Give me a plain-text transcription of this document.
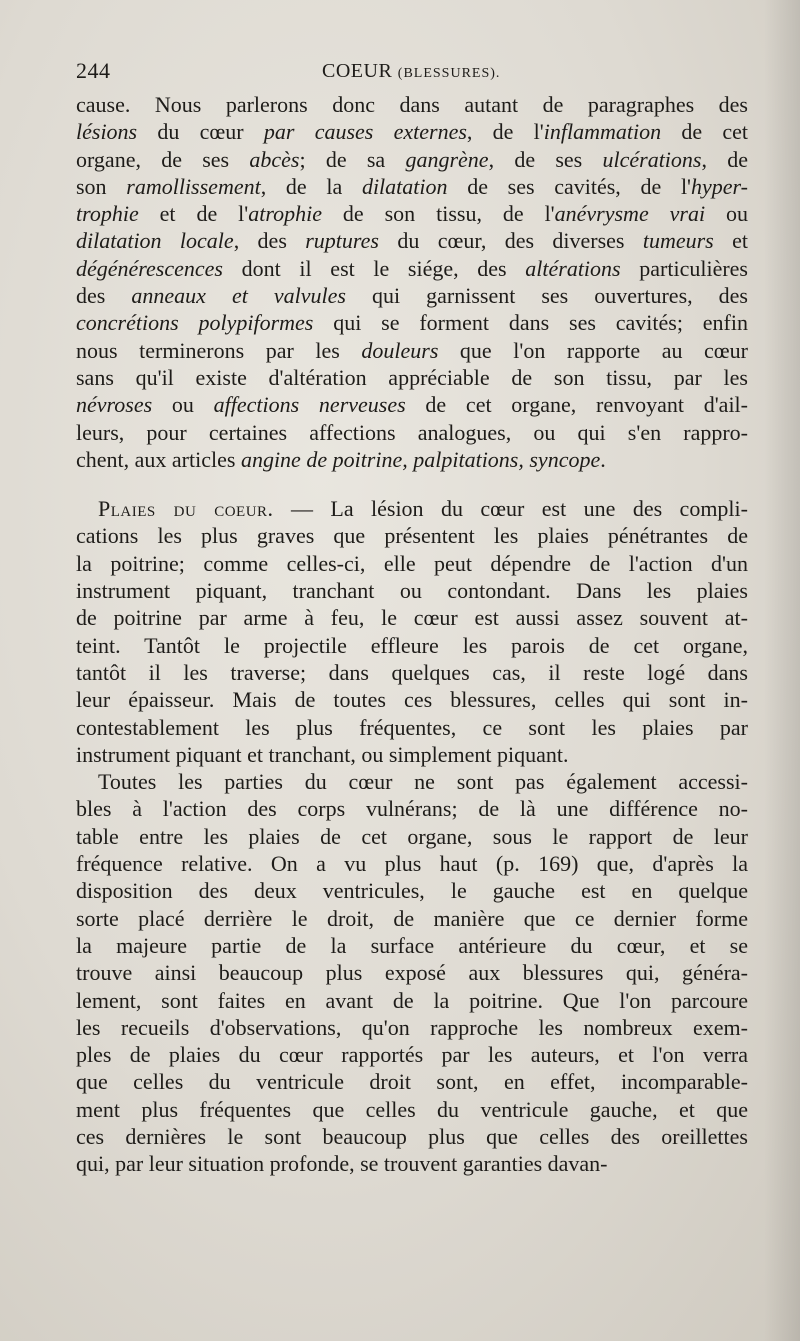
244	COEUR (BLESSURES).
cause. Nous parlerons donc dans autant de paragraphes des
lésions du cœur par causes externes, de l'inflammation de cet
organe, de ses abcès; de sa gangrène, de ses ulcérations, de
son ramollissement, de la dilatation de ses cavités, de l'hyper-
trophie et de l'atrophie de son tissu, de l'anévrysme vrai ou
dilatation locale, des ruptures du cœur, des diverses tumeurs et
dégénérescences dont il est le siége, des altérations particulières
des anneaux et valvules qui garnissent ses ouvertures, des
concrétions polypiformes qui se forment dans ses cavités; enfin
nous terminerons par les douleurs que l'on rapporte au cœur
sans qu'il existe d'altération appréciable de son tissu, par les
névroses ou affections nerveuses de cet organe, renvoyant d'ail-
leurs, pour certaines affections analogues, ou qui s'en rappro-
chent, aux articles angine de poitrine, palpitations, syncope.
Plaies du coeur. — La lésion du cœur est une des compli-
cations les plus graves que présentent les plaies pénétrantes de
la poitrine; comme celles-ci, elle peut dépendre de l'action d'un
instrument piquant, tranchant ou contondant. Dans les plaies
de poitrine par arme à feu, le cœur est aussi assez souvent at-
teint. Tantôt le projectile effleure les parois de cet organe,
tantôt il les traverse; dans quelques cas, il reste logé dans
leur épaisseur. Mais de toutes ces blessures, celles qui sont in-
contestablement les plus fréquentes, ce sont les plaies par
instrument piquant et tranchant, ou simplement piquant.
Toutes les parties du cœur ne sont pas également accessi-
bles à l'action des corps vulnérans; de là une différence no-
table entre les plaies de cet organe, sous le rapport de leur
fréquence relative. On a vu plus haut (p. 169) que, d'après la
disposition des deux ventricules, le gauche est en quelque
sorte placé derrière le droit, de manière que ce dernier forme
la majeure partie de la surface antérieure du cœur, et se
trouve ainsi beaucoup plus exposé aux blessures qui, généra-
lement, sont faites en avant de la poitrine. Que l'on parcoure
les recueils d'observations, qu'on rapproche les nombreux exem-
ples de plaies du cœur rapportés par les auteurs, et l'on verra
que celles du ventricule droit sont, en effet, incomparable-
ment plus fréquentes que celles du ventricule gauche, et que
ces dernières le sont beaucoup plus que celles des oreillettes
qui, par leur situation profonde, se trouvent garanties davan-
